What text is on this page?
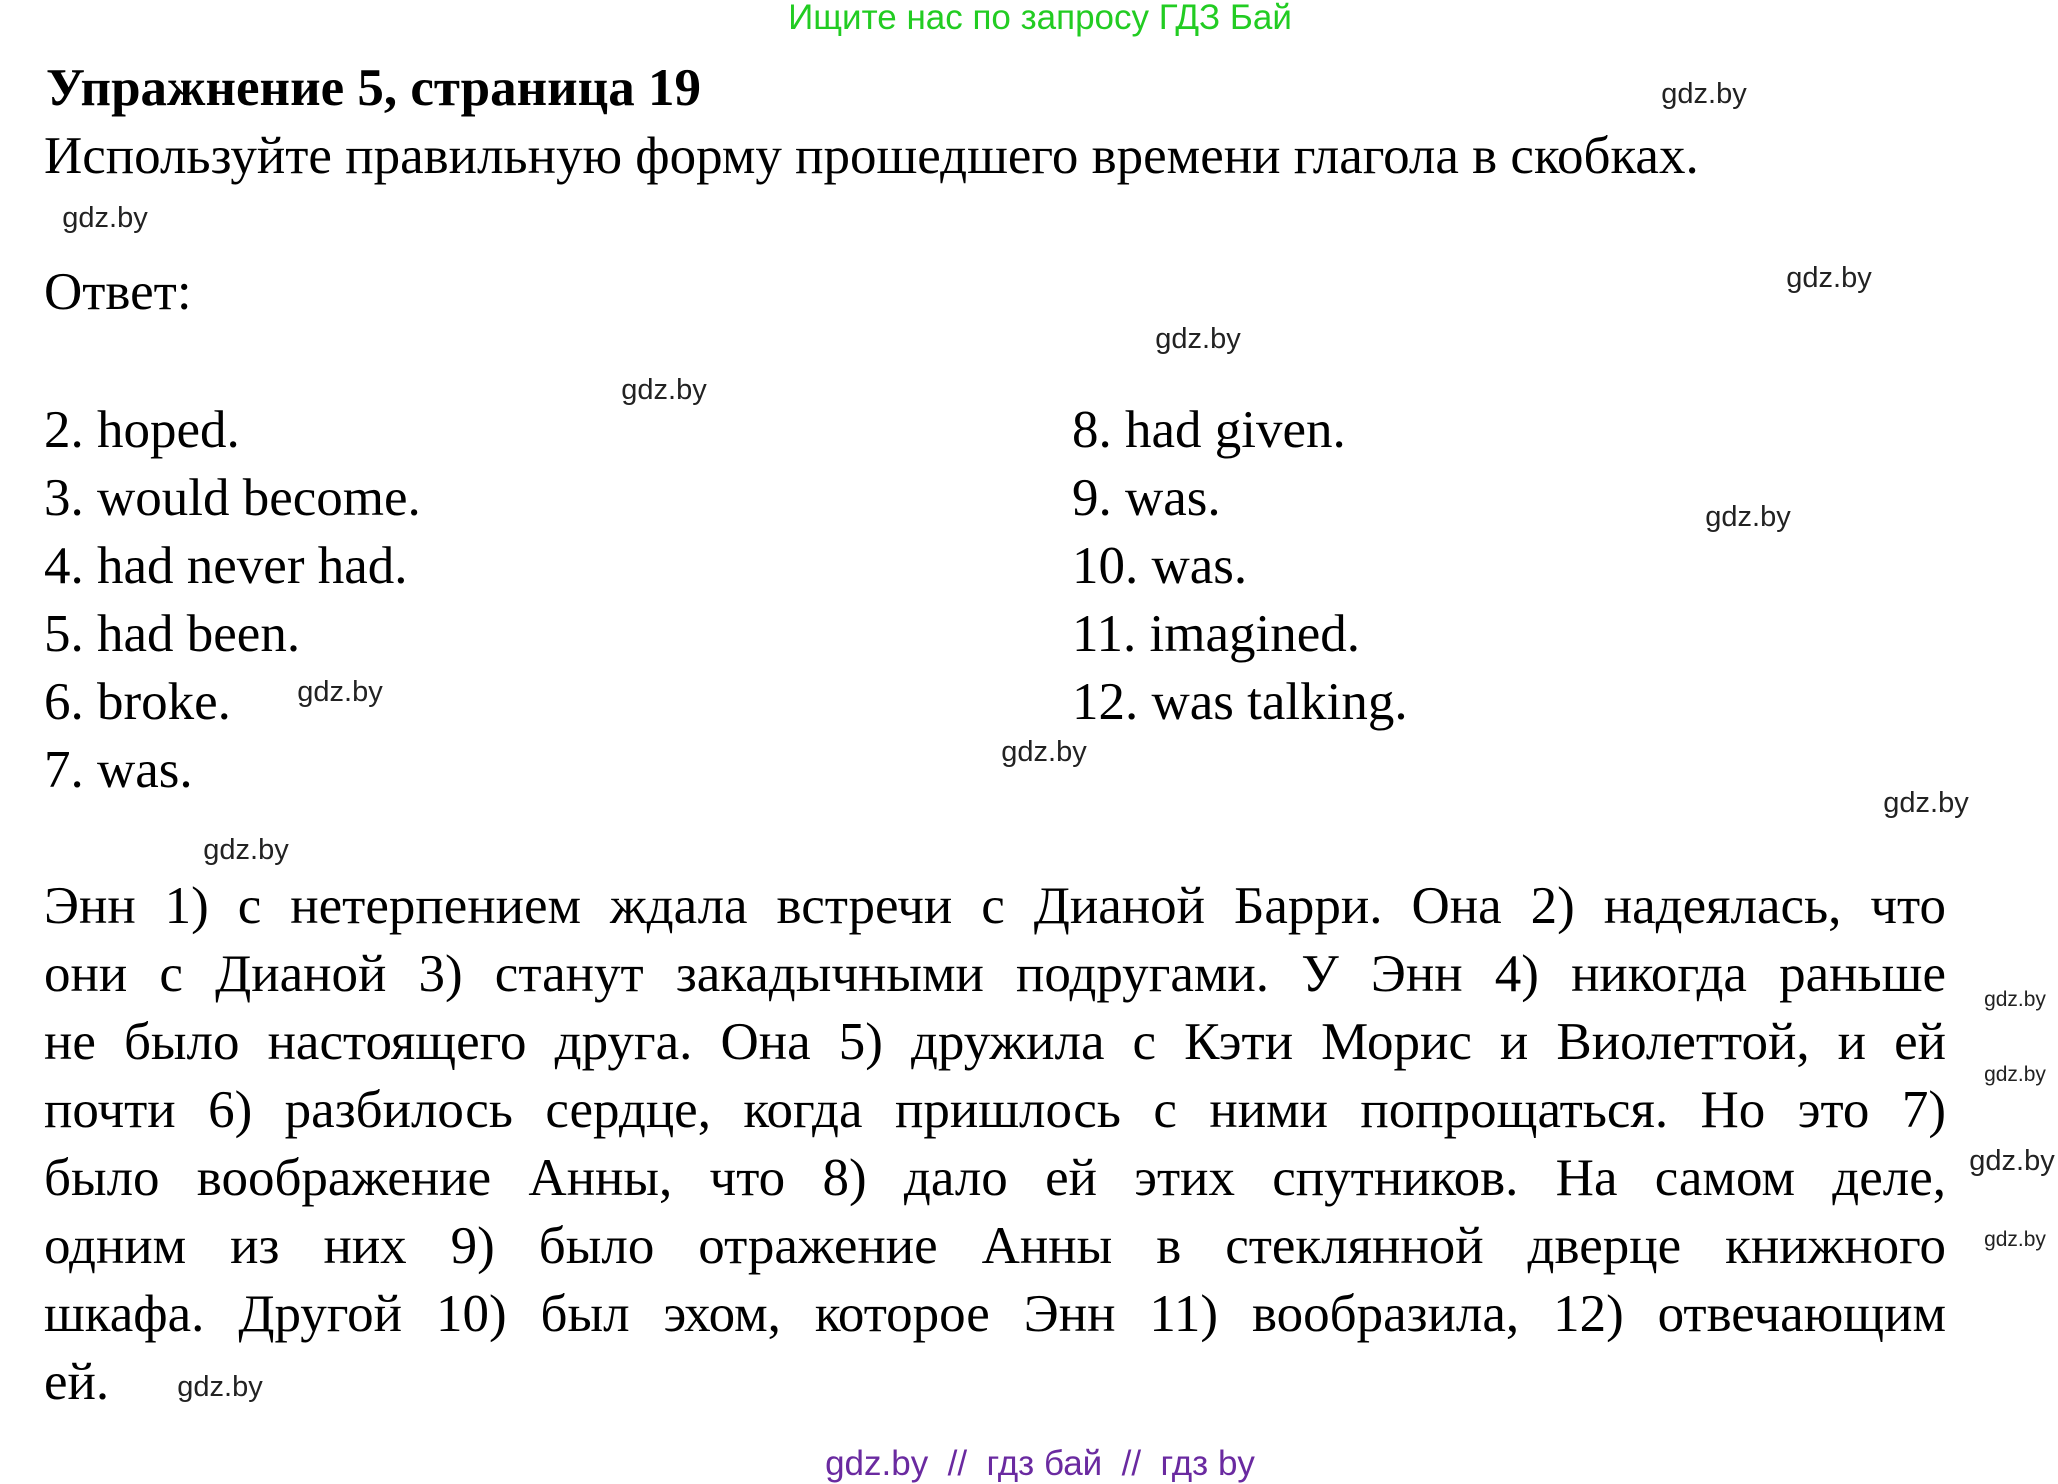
Ищите нас по запросу ГДЗ Бай
Упражнение 5, страница 19
Используйте правильную форму прошедшего времени глагола в скобках.
Ответ:
2. hoped.
3. would become.
4. had never had.
5. had been.
6. broke.
7. was.
8. had given.
9. was.
10. was.
11. imagined.
12. was talking.
Энн 1) с нетерпением ждала встречи с Дианой Барри. Она 2) надеялась, что
они с Дианой 3) станут закадычными подругами. У Энн 4) никогда раньше
не было настоящего друга. Она 5) дружила с Кэти Морис и Виолеттой, и ей
почти 6) разбилось сердце, когда пришлось с ними попрощаться. Но это 7)
было воображение Анны, что 8) дало ей этих спутников. На самом деле,
одним из них 9) было отражение Анны в стеклянной дверце книжного
шкафа. Другой 10) был эхом, которое Энн 11) вообразила, 12) отвечающим
ей.
gdz.by
gdz.by
gdz.by
gdz.by
gdz.by
gdz.by
gdz.by
gdz.by
gdz.by
gdz.by
gdz.by
gdz.by
gdz.by
gdz.by
gdz.by
gdz.by  //  гдз бай  //  гдз by
